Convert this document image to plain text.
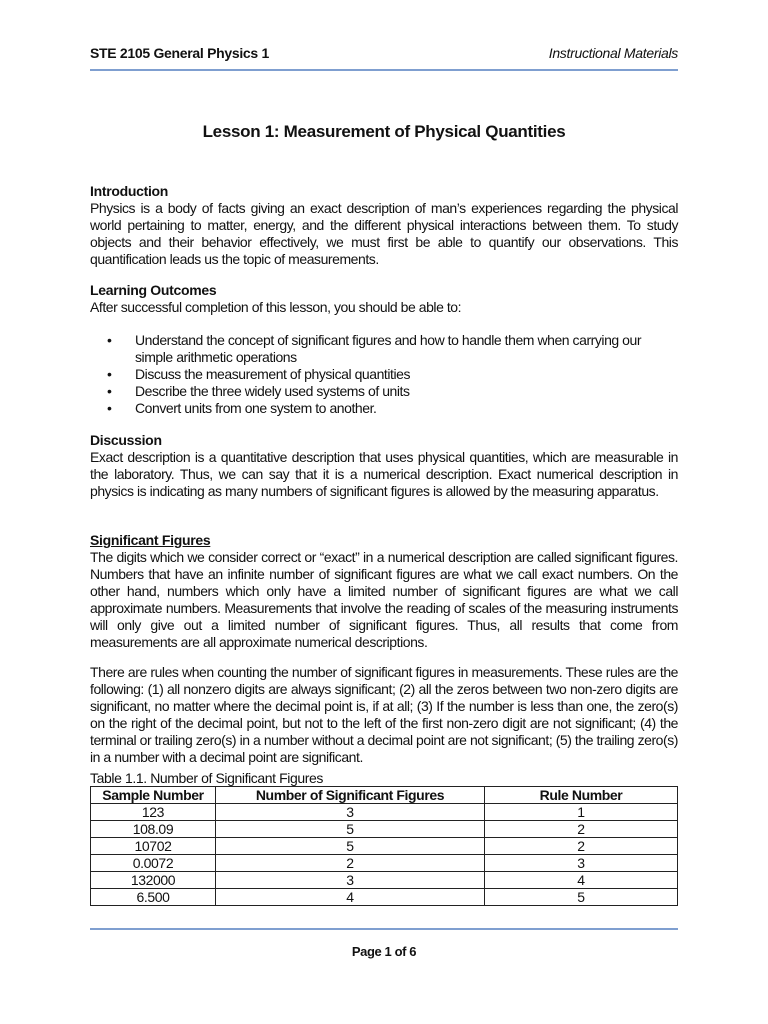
STE 2105 General Physics 1	Instructional Materials
Lesson 1: Measurement of Physical Quantities
Introduction

Physics is a body of facts giving an exact description of man’s experiences regarding the physical world pertaining to matter, energy, and the different physical interactions between them. To study objects and their behavior effectively, we must first be able to quantify our observations. This quantification leads us the topic of measurements.

Learning Outcomes

After successful completion of this lesson, you should be able to:

• Understand the concept of significant figures and how to handle them when carrying our simple arithmetic operations
• Discuss the measurement of physical quantities
• Describe the three widely used systems of units
• Convert units from one system to another.
Discussion

Exact description is a quantitative description that uses physical quantities, which are measurable in the laboratory. Thus, we can say that it is a numerical description. Exact numerical description in physics is indicating as many numbers of significant figures is allowed by the measuring apparatus.

Significant Figures

The digits which we consider correct or “exact” in a numerical description are called significant figures. Numbers that have an infinite number of significant figures are what we call exact numbers. On the other hand, numbers which only have a limited number of significant figures are what we call approximate numbers. Measurements that involve the reading of scales of the measuring instruments will only give out a limited number of significant figures. Thus, all results that come from measurements are all approximate numerical descriptions.

There are rules when counting the number of significant figures in measurements. These rules are the following: (1) all nonzero digits are always significant; (2) all the zeros between two non-zero digits are significant, no matter where the decimal point is, if at all; (3) If the number is less than one, the zero(s) on the right of the decimal point, but not to the left of the first non-zero digit are not significant; (4) the terminal or trailing zero(s) in a number without a decimal point are not significant; (5) the trailing zero(s) in a number with a decimal point are significant.

Table 1.1. Number of Significant Figures
Sample Number	Number of Significant Figures	Rule Number
123	3	1
108.09	5	2
10702	5	2
0.0072	2	3
132000	3	4
6.500	4	5
Page 1 of 6
